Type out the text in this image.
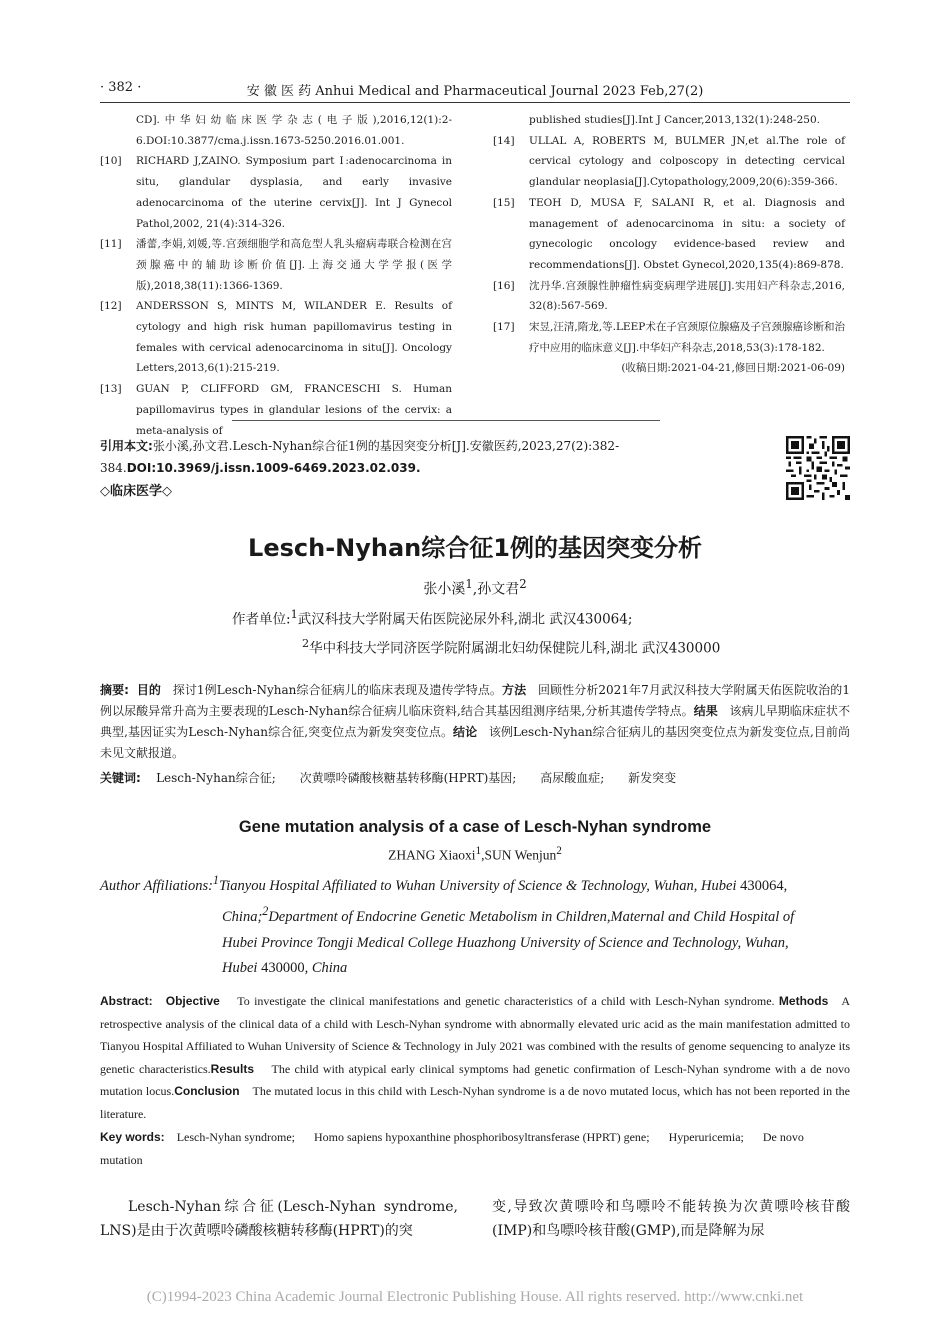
· 382 ·	安 徽 医 药 Anhui Medical and Pharmaceutical Journal 2023 Feb,27(2)
CD].中华妇幼临床医学杂志(电子版),2016,12(1):2-6.DOI:10.3877/cma.j.issn.1673-5250.2016.01.001.
[10]	RICHARD J,ZAINO. Symposium part Ⅰ:adenocarcinoma in situ, glandular dysplasia, and early invasive adenocarcinoma of the uterine cervix[J]. Int J Gynecol Pathol,2002, 21(4):314-326.
[11]	潘蕾,李娟,刘媛,等.宫颈细胞学和高危型人乳头瘤病毒联合检测在宫颈腺癌中的辅助诊断价值[J].上海交通大学学报(医学版),2018,38(11):1366-1369.
[12]	ANDERSSON S, MINTS M, WILANDER E. Results of cytology and high risk human papillomavirus testing in females with cervical adenocarcinoma in situ[J]. Oncology Letters,2013,6(1):215-219.
[13]	GUAN P, CLIFFORD GM, FRANCESCHI S. Human papillomavirus types in glandular lesions of the cervix: a meta-analysis of
published studies[J].Int J Cancer,2013,132(1):248-250.
[14]	ULLAL A, ROBERTS M, BULMER JN,et al.The role of cervical cytology and colposcopy in detecting cervical glandular neoplasia[J].Cytopathology,2009,20(6):359-366.
[15]	TEOH D, MUSA F, SALANI R, et al. Diagnosis and management of adenocarcinoma in situ: a society of gynecologic oncology evidence-based review and recommendations[J]. Obstet Gynecol,2020,135(4):869-878.
[16]	沈丹华.宫颈腺性肿瘤性病变病理学进展[J].实用妇产科杂志,2016, 32(8):567-569.
[17]	宋昱,汪清,隋龙,等.LEEP术在子宫颈原位腺癌及子宫颈腺癌诊断和治疗中应用的临床意义[J].中华妇产科杂志,2018,53(3):178-182.
(收稿日期:2021-04-21,修回日期:2021-06-09)
引用本文:张小溪,孙文君.Lesch-Nyhan综合征1例的基因突变分析[J].安徽医药,2023,27(2):382-384.DOI:10.3969/j.issn.1009-6469.2023.02.039.
◇临床医学◇
Lesch-Nyhan综合征1例的基因突变分析
张小溪$^1$,孙文君$^2$
作者单位:$^1$武汉科技大学附属天佑医院泌尿外科,湖北 武汉430064;
$^2$华中科技大学同济医学院附属湖北妇幼保健院儿科,湖北 武汉430000
摘要: 目的 探讨1例Lesch-Nyhan综合征病儿的临床表现及遗传学特点。方法 回顾性分析2021年7月武汉科技大学附属天佑医院收治的1例以尿酸异常升高为主要表现的Lesch-Nyhan综合征病儿临床资料,结合其基因组测序结果,分析其遗传学特点。结果 该病儿早期临床症状不典型,基因证实为Lesch-Nyhan综合征,突变位点为新发突变位点。结论 该例Lesch-Nyhan综合征病儿的基因突变位点为新发变位点,目前尚未见文献报道。
关键词: Lesch-Nyhan综合征; 次黄嘌呤磷酸核糖基转移酶(HPRT)基因; 高尿酸血症; 新发突变
Gene mutation analysis of a case of Lesch-Nyhan syndrome
ZHANG Xiaoxi$^1$,SUN Wenjun$^2$
Author Affiliations:$^1$Tianyou Hospital Affiliated to Wuhan University of Science & Technology, Wuhan, Hubei 430064,
China;$^2$Department of Endocrine Genetic Metabolism in Children,Maternal and Child Hospital of
Hubei Province Tongji Medical College Huazhong University of Science and Technology, Wuhan,
Hubei 430000, China
Abstract: Objective To investigate the clinical manifestations and genetic characteristics of a child with Lesch-Nyhan syndrome. Methods A retrospective analysis of the clinical data of a child with Lesch-Nyhan syndrome with abnormally elevated uric acid as the main manifestation admitted to Tianyou Hospital Affiliated to Wuhan University of Science & Technology in July 2021 was combined with the results of genome sequencing to analyze its genetic characteristics.Results The child with atypical early clinical symptoms had genetic confirmation of Lesch-Nyhan syndrome with a de novo mutation locus.Conclusion The mutated locus in this child with Lesch-Nyhan syndrome is a de novo mutated locus, which has not been reported in the literature.
Key words: Lesch-Nyhan syndrome; Homo sapiens hypoxanthine phosphoribosyltransferase (HPRT) gene; Hyperuricemia; De novo mutation
Lesch-Nyhan综合征(Lesch-Nyhan syndrome, LNS)是由于次黄嘌呤磷酸核糖转移酶(HPRT)的突
变,导致次黄嘌呤和鸟嘌呤不能转换为次黄嘌呤核苷酸(IMP)和鸟嘌呤核苷酸(GMP),而是降解为尿
(C)1994-2023 China Academic Journal Electronic Publishing House. All rights reserved. http://www.cnki.net
